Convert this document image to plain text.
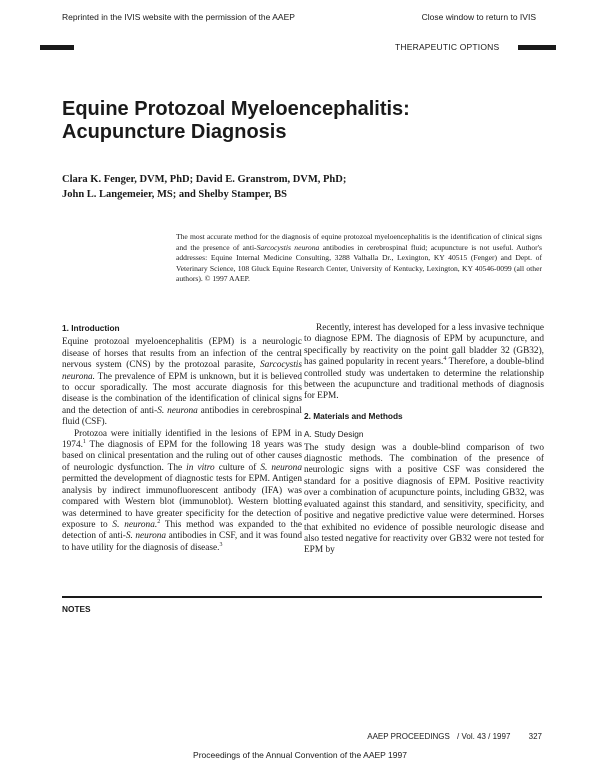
Reprinted in the IVIS website with the permission of the AAEP	Close window to return to IVIS
THERAPEUTIC OPTIONS
Equine Protozoal Myeloencephalitis:
Acupuncture Diagnosis
Clara K. Fenger, DVM, PhD; David E. Granstrom, DVM, PhD;
John L. Langemeier, MS; and Shelby Stamper, BS
The most accurate method for the diagnosis of equine protozoal myeloencephalitis is the identification of clinical signs and the presence of anti-Sarcocystis neurona antibodies in cerebrospinal fluid; acupuncture is not useful. Author's addresses: Equine Internal Medicine Consulting, 3288 Valhalla Dr., Lexington, KY 40515 (Fenger) and Dept. of Veterinary Science, 108 Gluck Equine Research Center, University of Kentucky, Lexington, KY 40546-0099 (all other authors). © 1997 AAEP.
1. Introduction

Equine protozoal myeloencephalitis (EPM) is a neurologic disease of horses that results from an infection of the central nervous system (CNS) by the protozoal parasite, Sarcocystis neurona. The prevalence of EPM is unknown, but it is believed to occur sporadically. The most accurate diagnosis for this disease is the combination of the identification of clinical signs and the detection of anti-S. neurona antibodies in cerebrospinal fluid (CSF).

Protozoa were initially identified in the lesions of EPM in 1974.$^1$ The diagnosis of EPM for the following 18 years was based on clinical presentation and the ruling out of other causes of neurologic dysfunction. The in vitro culture of S. neurona permitted the development of diagnostic tests for EPM. Antigen analysis by indirect immunofluorescent antibody (IFA) was compared with Western blot (immunoblot). Western blotting was determined to have greater specificity for the detection of exposure to S. neurona.$^2$ This method was expanded to the detection of anti-S. neurona antibodies in CSF, and it was found to have utility for the diagnosis of disease.$^3$

Recently, interest has developed for a less invasive technique to diagnose EPM. The diagnosis of EPM by acupuncture, and specifically by reactivity on the point gall bladder 32 (GB32), has gained popularity in recent years.$^4$ Therefore, a double-blind controlled study was undertaken to determine the relationship between the acupuncture and traditional methods of diagnosis for EPM.

2. Materials and Methods
A. Study Design

The study design was a double-blind comparison of two diagnostic methods. The combination of the presence of neurologic signs with a positive CSF was considered the standard for a positive diagnosis of EPM. Positive reactivity over a combination of acupuncture points, including GB32, was evaluated against this standard, and sensitivity, specificity, and positive and negative predictive value were determined. Horses that exhibited no evidence of possible neurologic disease and also tested negative for reactivity over GB32 were not tested for EPM by

NOTES
AAEP PROCEEDINGS / Vol. 43 / 1997 327
Proceedings of the Annual Convention of the AAEP 1997
